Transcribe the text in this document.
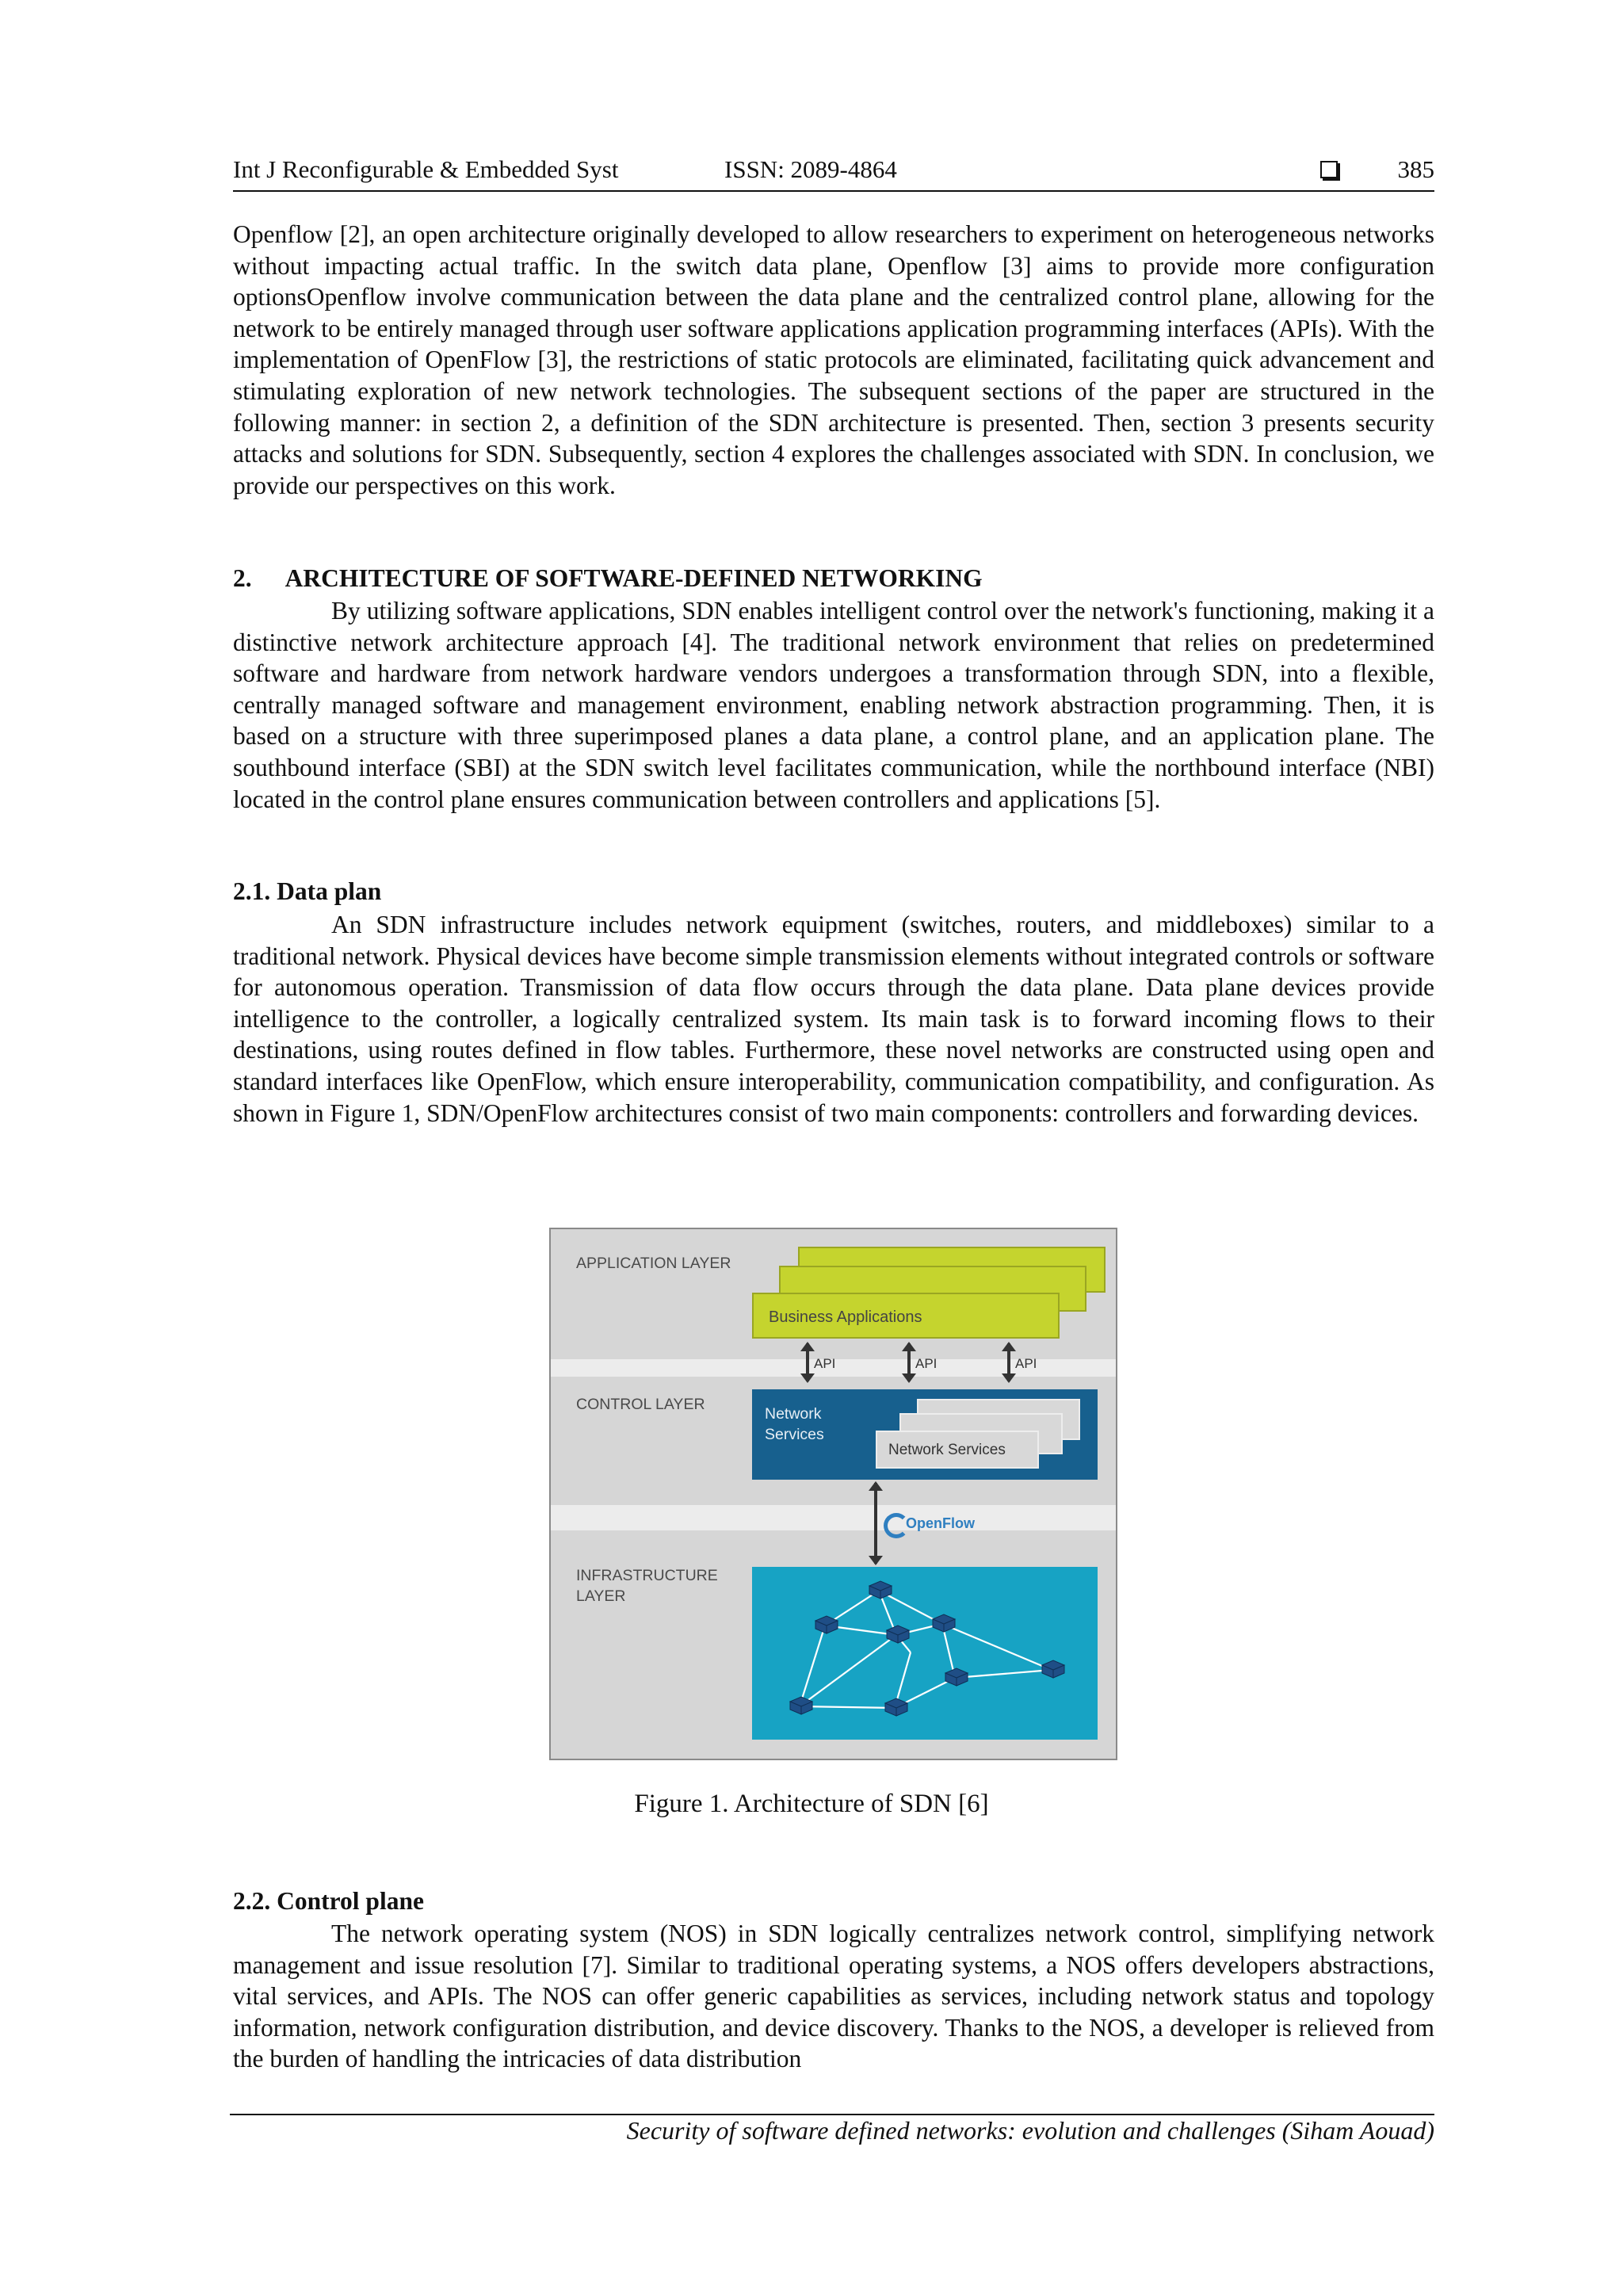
Int J Reconfigurable & Embedded Syst	ISSN: 2089-4864	385

Openflow [2], an open architecture originally developed to allow researchers to experiment on heterogeneous networks without impacting actual traffic. In the switch data plane, Openflow [3] aims to provide more configuration optionsOpenflow involve communication between the data plane and the centralized control plane, allowing for the network to be entirely managed through user software applications application programming interfaces (APIs). With the implementation of OpenFlow [3], the restrictions of static protocols are eliminated, facilitating quick advancement and stimulating exploration of new network technologies. The subsequent sections of the paper are structured in the following manner: in section 2, a definition of the SDN architecture is presented. Then, section 3 presents security attacks and solutions for SDN. Subsequently, section 4 explores the challenges associated with SDN. In conclusion, we provide our perspectives on this work.

2. ARCHITECTURE OF SOFTWARE-DEFINED NETWORKING

By utilizing software applications, SDN enables intelligent control over the network's functioning, making it a distinctive network architecture approach [4]. The traditional network environment that relies on predetermined software and hardware from network hardware vendors undergoes a transformation through SDN, into a flexible, centrally managed software and management environment, enabling network abstraction programming. Then, it is based on a structure with three superimposed planes a data plane, a control plane, and an application plane. The southbound interface (SBI) at the SDN switch level facilitates communication, while the northbound interface (NBI) located in the control plane ensures communication between controllers and applications [5].

2.1. Data plan

An SDN infrastructure includes network equipment (switches, routers, and middleboxes) similar to a traditional network. Physical devices have become simple transmission elements without integrated controls or software for autonomous operation. Transmission of data flow occurs through the data plane. Data plane devices provide intelligence to the controller, a logically centralized system. Its main task is to forward incoming flows to their destinations, using routes defined in flow tables. Furthermore, these novel networks are constructed using open and standard interfaces like OpenFlow, which ensure interoperability, communication compatibility, and configuration. As shown in Figure 1, SDN/OpenFlow architectures consist of two main components: controllers and forwarding devices.

APPLICATION LAYER
CONTROL LAYER
INFRASTRUCTURE LAYER
Business Applications
API	API	API
Network Services
Network Services
OpenFlow
Figure 1. Architecture of SDN [6]

2.2. Control plane

The network operating system (NOS) in SDN logically centralizes network control, simplifying network management and issue resolution [7]. Similar to traditional operating systems, a NOS offers developers abstractions, vital services, and APIs. The NOS can offer generic capabilities as services, including network status and topology information, network configuration distribution, and device discovery. Thanks to the NOS, a developer is relieved from the burden of handling the intricacies of data distribution

Security of software defined networks: evolution and challenges (Siham Aouad)
